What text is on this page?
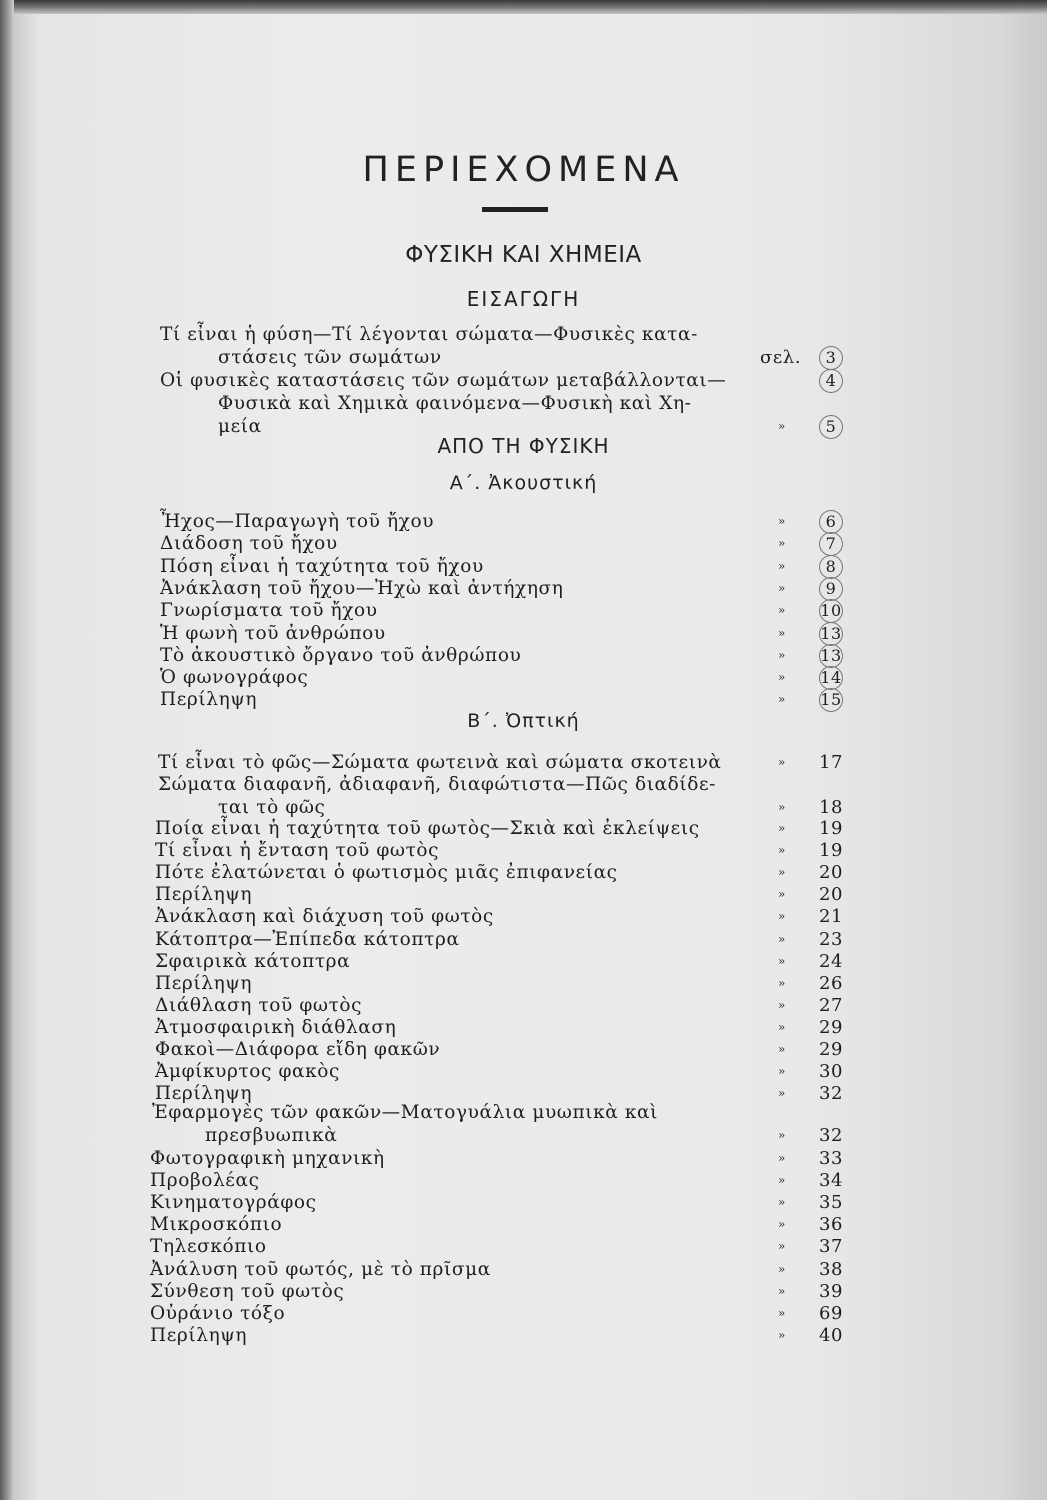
ΠΕΡΙΕΧΟΜΕΝΑ
ΦΥΣΙΚΗ ΚΑΙ ΧΗΜΕΙΑ
ΕΙΣΑΓΩΓΗ
Τί εἶναι ἡ φύση—Τί λέγονται σώματα—Φυσικὲς κατα-
στάσεις τῶν σωμάτων	σελ.	3
Οἱ φυσικὲς καταστάσεις τῶν σωμάτων μεταβάλλονται—	4
Φυσικὰ καὶ Χημικὰ φαινόμενα—Φυσικὴ καὶ Χη-
μεία	»	5
ΑΠΟ ΤΗ ΦΥΣΙΚΗ
Α΄. Ἀκουστική
Ἦχος—Παραγωγὴ τοῦ ἤχου	»	6
Διάδοση τοῦ ἤχου	»	7
Πόση εἶναι ἡ ταχύτητα τοῦ ἤχου	»	8
Ἀνάκλαση τοῦ ἤχου—Ἠχὼ καὶ ἀντήχηση	»	9
Γνωρίσματα τοῦ ἤχου	»	10
Ἡ φωνὴ τοῦ ἀνθρώπου	»	13
Τὸ ἀκουστικὸ ὄργανο τοῦ ἀνθρώπου	»	13
Ὁ φωνογράφος	»	14
Περίληψη	»	15
Β΄. Ὀπτική
Τί εἶναι τὸ φῶς—Σώματα φωτεινὰ καὶ σώματα σκοτεινὰ	»	17
Σώματα διαφανῆ, ἀδιαφανῆ, διαφώτιστα—Πῶς διαδίδε-
ται τὸ φῶς	»	18
Ποία εἶναι ἡ ταχύτητα τοῦ φωτὸς—Σκιὰ καὶ ἐκλείψεις	»	19
Τί εἶναι ἡ ἔνταση τοῦ φωτὸς	»	19
Πότε ἐλατώνεται ὁ φωτισμὸς μιᾶς ἐπιφανείας	»	20
Περίληψη	»	20
Ἀνάκλαση καὶ διάχυση τοῦ φωτὸς	»	21
Κάτοπτρα—Ἐπίπεδα κάτοπτρα	»	23
Σφαιρικὰ κάτοπτρα	»	24
Περίληψη	»	26
Διάθλαση τοῦ φωτὸς	»	27
Ἀτμοσφαιρικὴ διάθλαση	»	29
Φακοὶ—Διάφορα εἴδη φακῶν	»	29
Ἀμφίκυρτος φακὸς	»	30
Περίληψη	»	32
Ἐφαρμογὲς τῶν φακῶν—Ματογυάλια μυωπικὰ καὶ
πρεσβυωπικὰ	»	32
Φωτογραφικὴ μηχανικὴ	»	33
Προβολέας	»	34
Κινηματογράφος	»	35
Μικροσκόπιο	»	36
Τηλεσκόπιο	»	37
Ἀνάλυση τοῦ φωτός, μὲ τὸ πρῖσμα	»	38
Σύνθεση τοῦ φωτὸς	»	39
Οὐράνιο τόξο	»	69
Περίληψη	»	40
